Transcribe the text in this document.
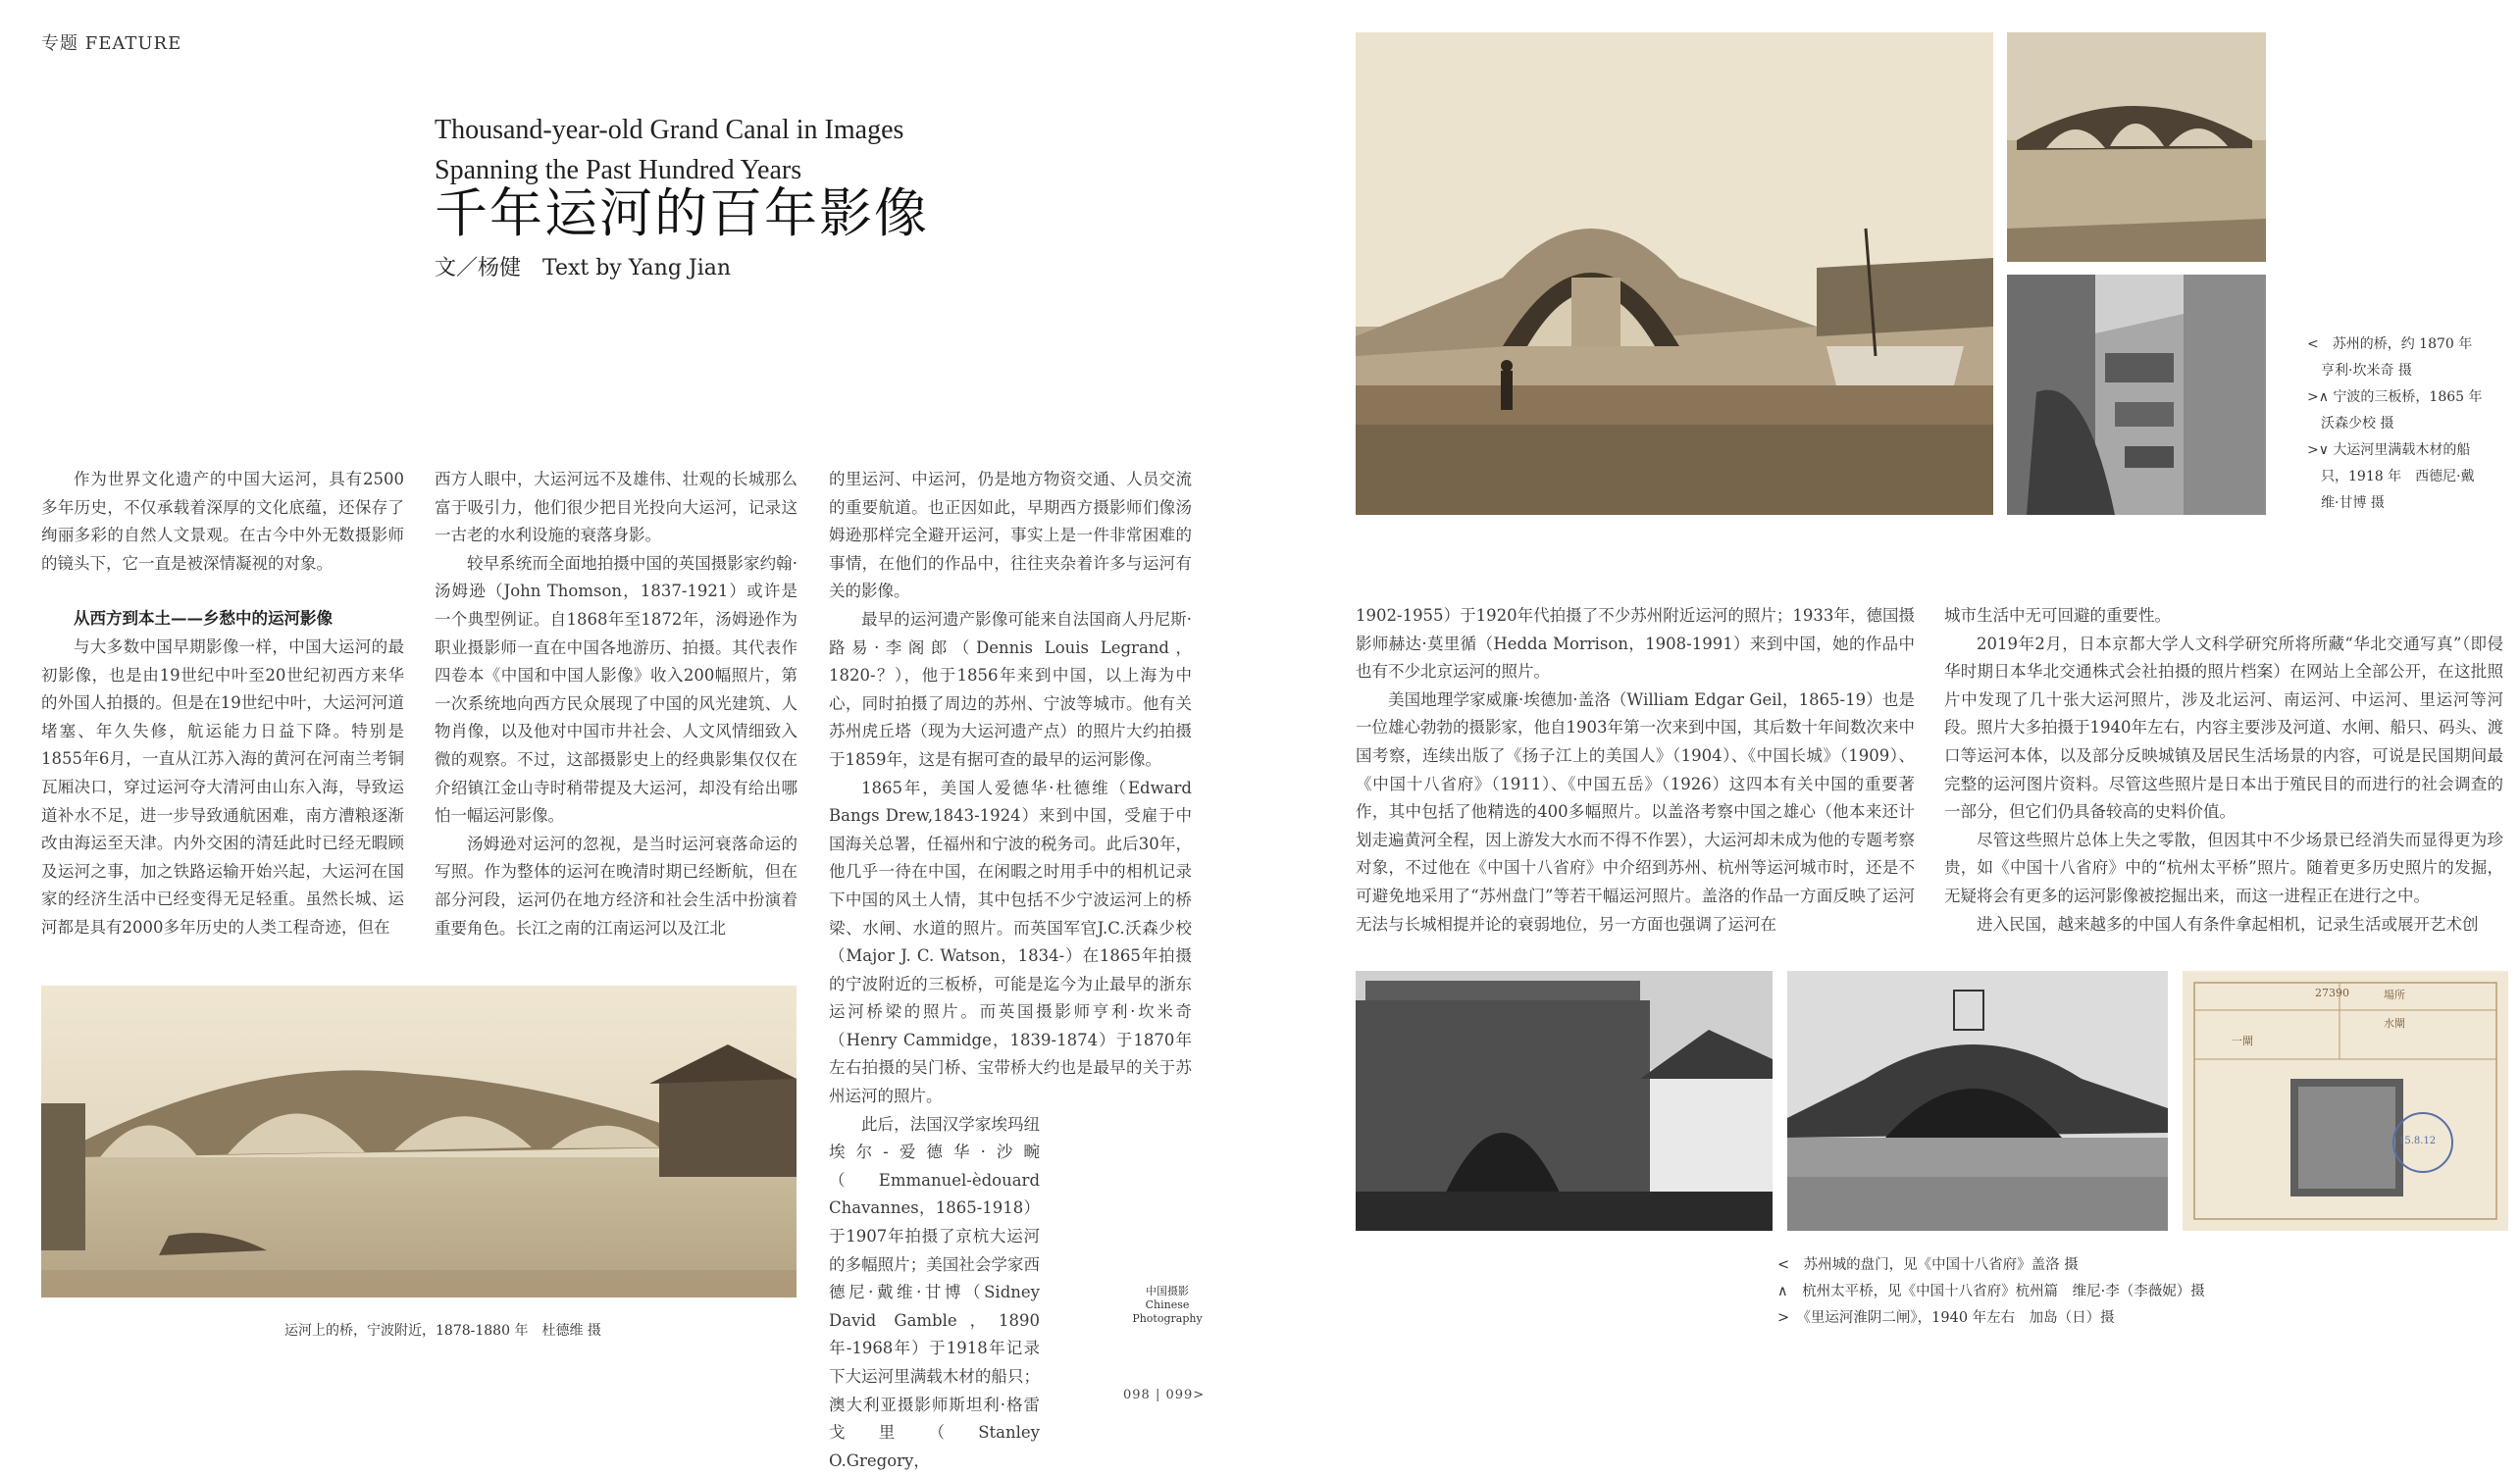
专题 FEATURE
Thousand-year-old Grand Canal in Images
Spanning the Past Hundred Years
千年运河的百年影像
文／杨健　Text by Yang Jian

作为世界文化遗产的中国大运河，具有2500多年历史，不仅承载着深厚的文化底蕴，还保存了绚丽多彩的自然人文景观。在古今中外无数摄影师的镜头下，它一直是被深情凝视的对象。

从西方到本土——乡愁中的运河影像

与大多数中国早期影像一样，中国大运河的最初影像，也是由19世纪中叶至20世纪初西方来华的外国人拍摄的。但是在19世纪中叶，大运河河道堵塞、年久失修，航运能力日益下降。特别是1855年6月，一直从江苏入海的黄河在河南兰考铜瓦厢决口，穿过运河夺大清河由山东入海，导致运道补水不足，进一步导致通航困难，南方漕粮逐渐改由海运至天津。内外交困的清廷此时已经无暇顾及运河之事，加之铁路运输开始兴起，大运河在国家的经济生活中已经变得无足轻重。虽然长城、运河都是具有2000多年历史的人类工程奇迹，但在

西方人眼中，大运河远不及雄伟、壮观的长城那么富于吸引力，他们很少把目光投向大运河，记录这一古老的水利设施的衰落身影。

较早系统而全面地拍摄中国的英国摄影家约翰·汤姆逊（John Thomson，1837-1921）或许是一个典型例证。自1868年至1872年，汤姆逊作为职业摄影师一直在中国各地游历、拍摄。其代表作四卷本《中国和中国人影像》收入200幅照片，第一次系统地向西方民众展现了中国的风光建筑、人物肖像，以及他对中国市井社会、人文风情细致入微的观察。不过，这部摄影史上的经典影集仅仅在介绍镇江金山寺时稍带提及大运河，却没有给出哪怕一幅运河影像。

汤姆逊对运河的忽视，是当时运河衰落命运的写照。作为整体的运河在晚清时期已经断航，但在部分河段，运河仍在地方经济和社会生活中扮演着重要角色。长江之南的江南运河以及江北

的里运河、中运河，仍是地方物资交通、人员交流的重要航道。也正因如此，早期西方摄影师们像汤姆逊那样完全避开运河，事实上是一件非常困难的事情，在他们的作品中，往往夹杂着许多与运河有关的影像。

最早的运河遗产影像可能来自法国商人丹尼斯·路易·李阁郎（Dennis Louis Legrand，1820-？），他于1856年来到中国，以上海为中心，同时拍摄了周边的苏州、宁波等城市。他有关苏州虎丘塔（现为大运河遗产点）的照片大约拍摄于1859年，这是有据可查的最早的运河影像。

1865年，美国人爱德华·杜德维（Edward Bangs Drew,1843-1924）来到中国，受雇于中国海关总署，任福州和宁波的税务司。此后30年，他几乎一待在中国，在闲暇之时用手中的相机记录下中国的风土人情，其中包括不少宁波运河上的桥梁、水闸、水道的照片。而英国军官J.C.沃森少校（Major J. C. Watson，1834-）在1865年拍摄的宁波附近的三板桥，可能是迄今为止最早的浙东运河桥梁的照片。而英国摄影师亨利·坎米奇（Henry Cammidge，1839-1874）于1870年左右拍摄的吴门桥、宝带桥大约也是最早的关于苏州运河的照片。

此后，法国汉学家埃玛纽埃尔-爱德华·沙畹（Emmanuel-èdouard Chavannes，1865-1918）于1907年拍摄了京杭大运河的多幅照片；美国社会学家西德尼·戴维·甘博（Sidney David Gamble，1890年-1968年）于1918年记录下大运河里满载木材的船只；澳大利亚摄影师斯坦利·格雷戈里（Stanley O.Gregory，

运河上的桥，宁波附近，1878-1880 年　杜德维 摄
中国摄影
Chinese
Photography
<　苏州的桥，约 1870 年
　亨利·坎米奇 摄
>∧ 宁波的三板桥，1865 年
　沃森少校 摄
>∨ 大运河里满载木材的船
　只，1918 年　西德尼·戴
　维·甘博 摄

1902-1955）于1920年代拍摄了不少苏州附近运河的照片；1933年，德国摄影师赫达·莫里循（Hedda Morrison，1908-1991）来到中国，她的作品中也有不少北京运河的照片。

美国地理学家威廉·埃德加·盖洛（William Edgar Geil，1865-19）也是一位雄心勃勃的摄影家，他自1903年第一次来到中国，其后数十年间数次来中国考察，连续出版了《扬子江上的美国人》（1904）、《中国长城》（1909）、《中国十八省府》（1911）、《中国五岳》（1926）这四本有关中国的重要著作，其中包括了他精选的400多幅照片。以盖洛考察中国之雄心（他本来还计划走遍黄河全程，因上游发大水而不得不作罢），大运河却未成为他的专题考察对象，不过他在《中国十八省府》中介绍到苏州、杭州等运河城市时，还是不可避免地采用了“苏州盘门”等若干幅运河照片。盖洛的作品一方面反映了运河无法与长城相提并论的衰弱地位，另一方面也强调了运河在

城市生活中无可回避的重要性。

2019年2月，日本京都大学人文科学研究所将所藏“华北交通写真”（即侵华时期日本华北交通株式会社拍摄的照片档案）在网站上全部公开，在这批照片中发现了几十张大运河照片，涉及北运河、南运河、中运河、里运河等河段。照片大多拍摄于1940年左右，内容主要涉及河道、水闸、船只、码头、渡口等运河本体，以及部分反映城镇及居民生活场景的内容，可说是民国期间最完整的运河图片资料。尽管这些照片是日本出于殖民目的而进行的社会调查的一部分，但它们仍具备较高的史料价值。

尽管这些照片总体上失之零散，但因其中不少场景已经消失而显得更为珍贵，如《中国十八省府》中的“杭州太平桥”照片。随着更多历史照片的发掘，无疑将会有更多的运河影像被挖掘出来，而这一进程正在进行之中。

进入民国，越来越多的中国人有条件拿起相机，记录生活或展开艺术创

27390	場所
水閘
一閘
15.8.12
<　苏州城的盘门，见《中国十八省府》盖洛 摄
∧　杭州太平桥，见《中国十八省府》杭州篇　维尼·李（李薇妮）摄
>　《里运河淮阴二闸》，1940 年左右　加岛（日）摄
098 | 099>
